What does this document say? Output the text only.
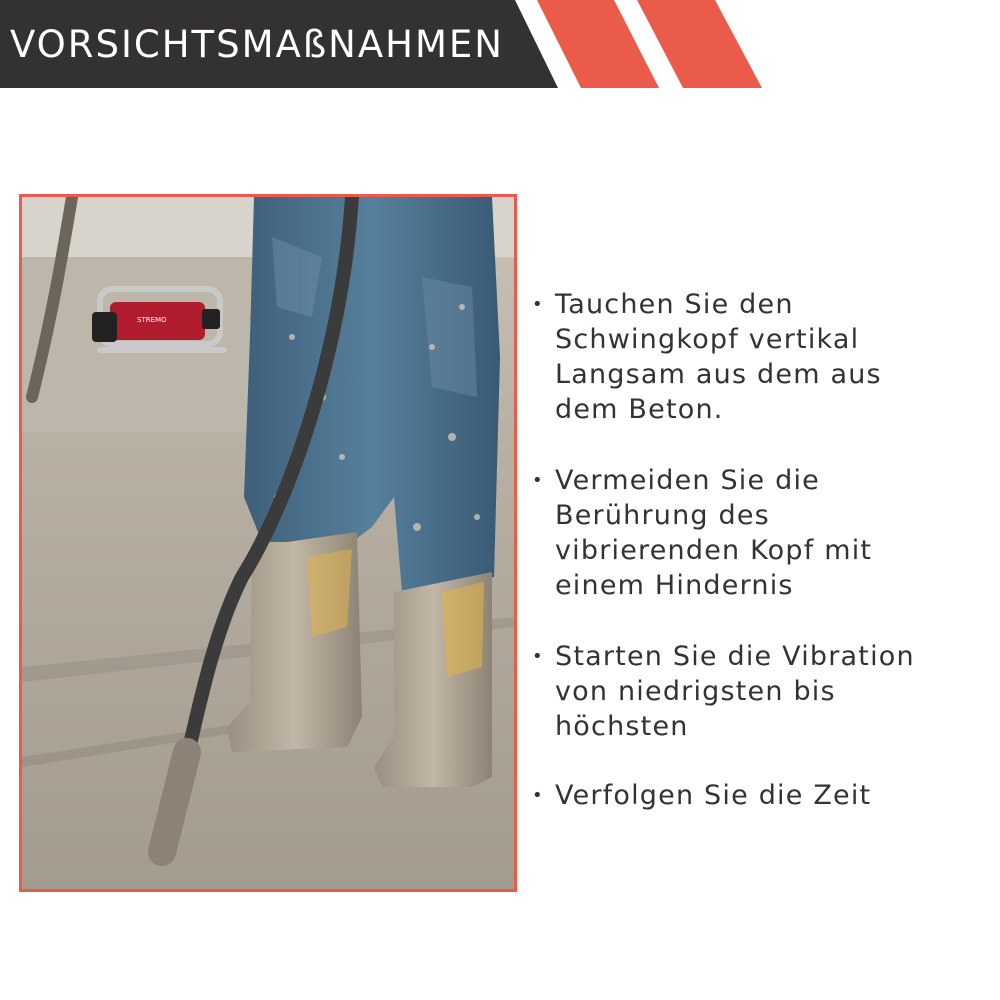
VORSICHTSMAßNAHMEN
STREMO
• Tauchen Sie den
Schwingkopf vertikal
Langsam aus dem aus
dem Beton.
• Vermeiden Sie die
Berührung des
vibrierenden Kopf mit
einem Hindernis
• Starten Sie die Vibration
von niedrigsten bis
höchsten
• Verfolgen Sie die Zeit
